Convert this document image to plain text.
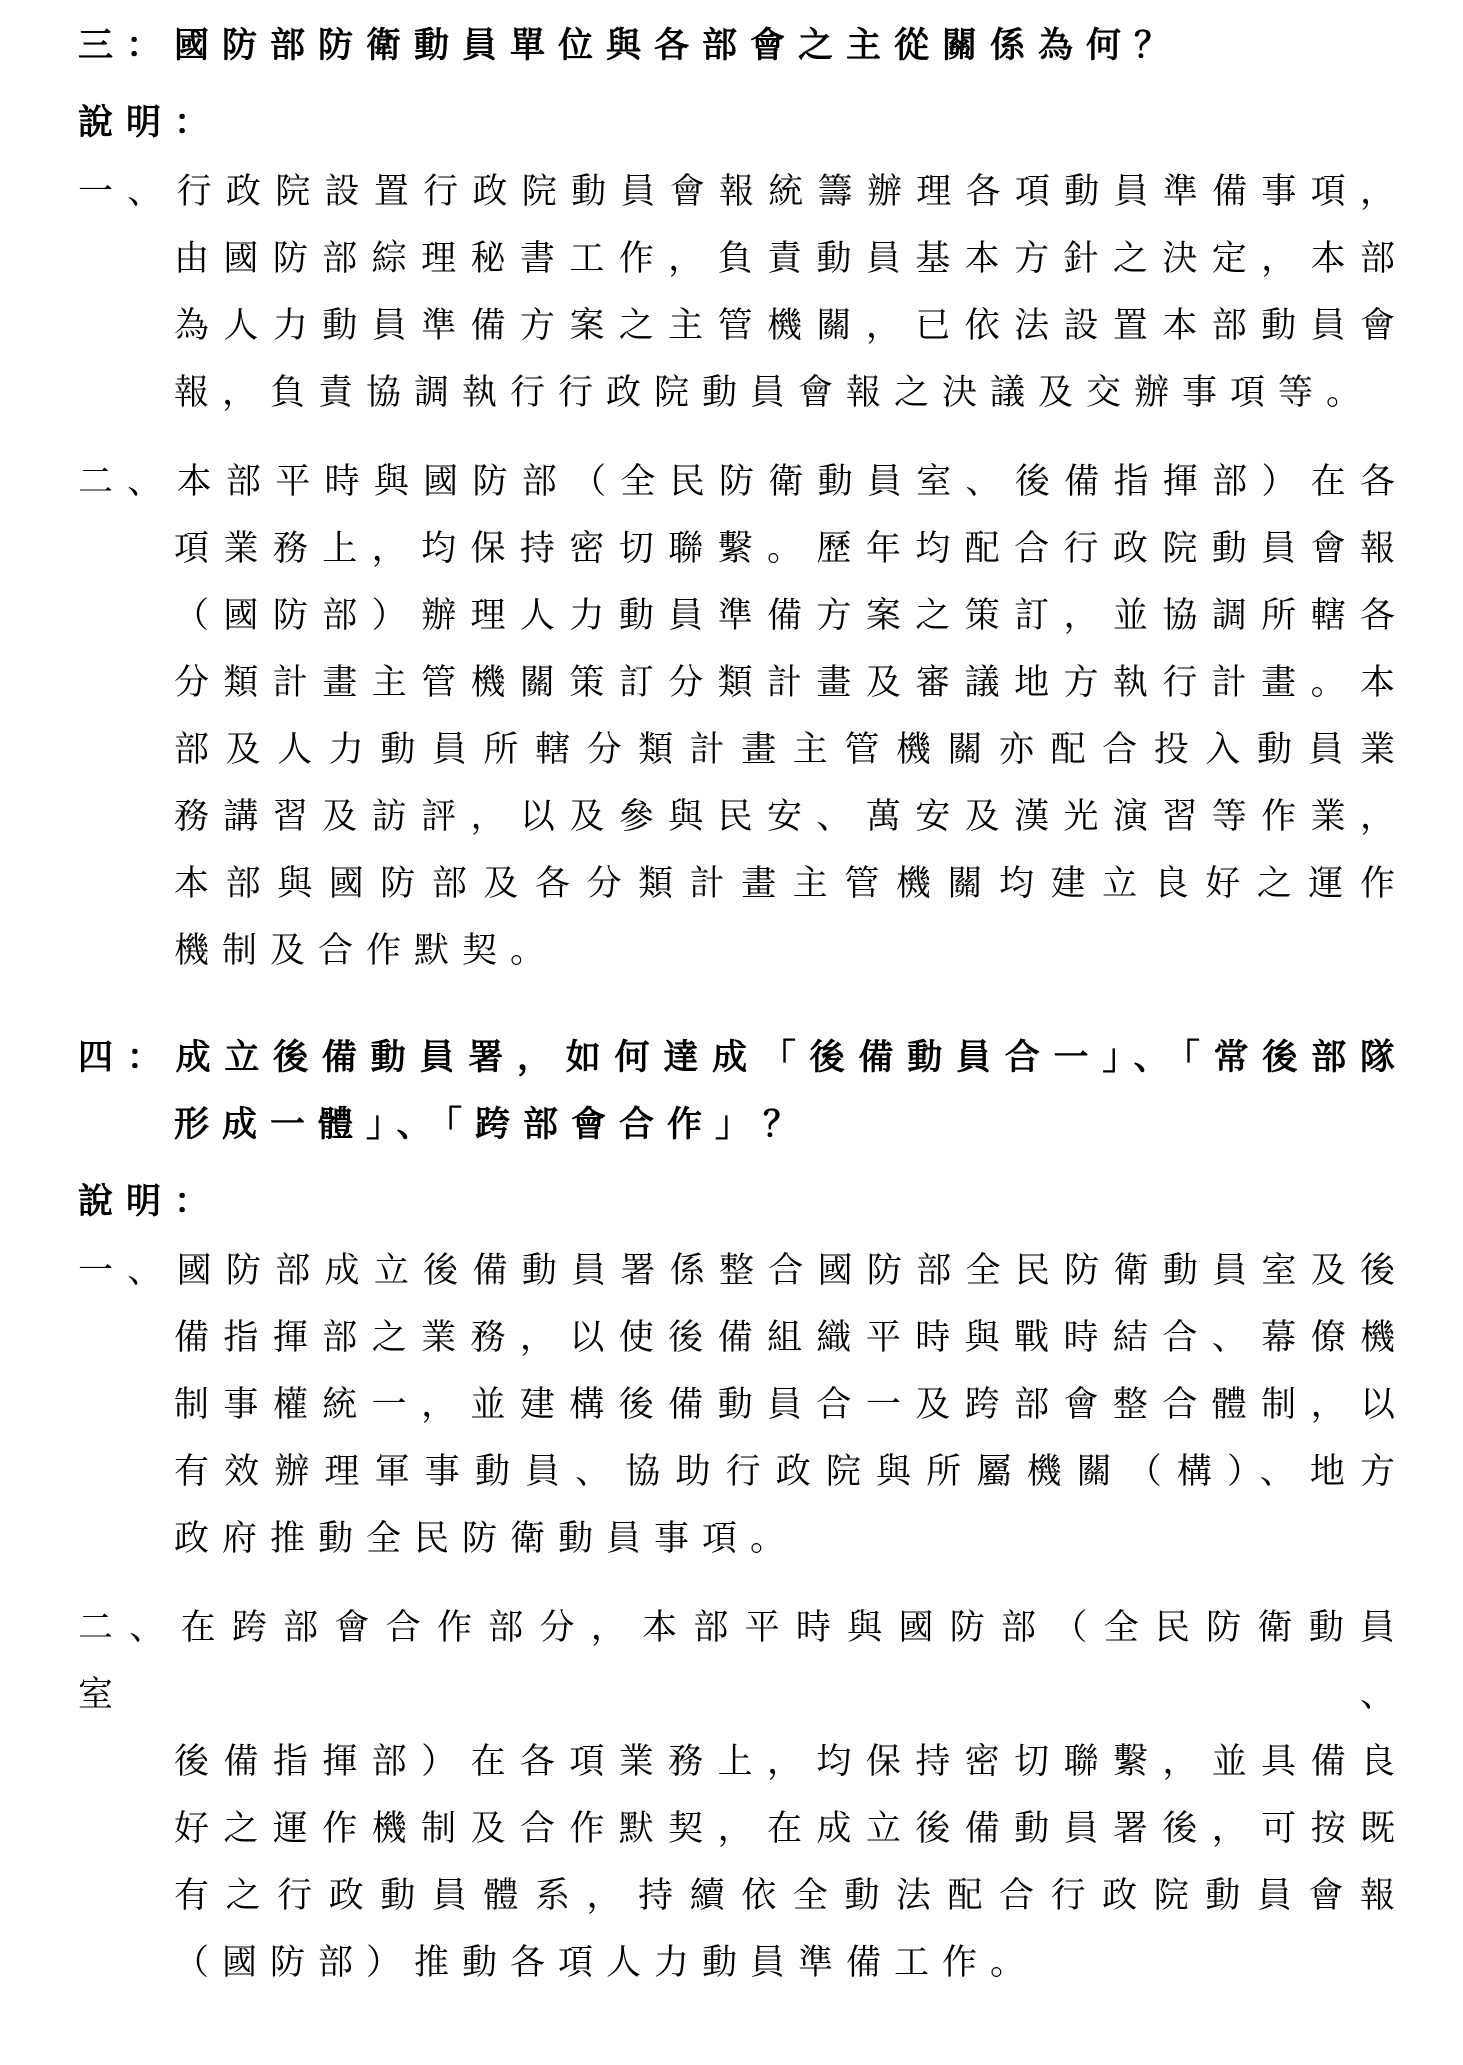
三：國防部防衛動員單位與各部會之主從關係為何？
說明：
一、行政院設置行政院動員會報統籌辦理各項動員準備事項，
由國防部綜理秘書工作，負責動員基本方針之決定，本部
為人力動員準備方案之主管機關，已依法設置本部動員會
報，負責協調執行行政院動員會報之決議及交辦事項等。
二、本部平時與國防部（全民防衛動員室、後備指揮部）在各
項業務上，均保持密切聯繫。歷年均配合行政院動員會報
（國防部）辦理人力動員準備方案之策訂，並協調所轄各
分類計畫主管機關策訂分類計畫及審議地方執行計畫。本
部及人力動員所轄分類計畫主管機關亦配合投入動員業
務講習及訪評，以及參與民安、萬安及漢光演習等作業，
本部與國防部及各分類計畫主管機關均建立良好之運作
機制及合作默契。
四：成立後備動員署，如何達成「後備動員合一」、「常後部隊
形成一體」、「跨部會合作」？
說明：
一、國防部成立後備動員署係整合國防部全民防衛動員室及後
備指揮部之業務，以使後備組織平時與戰時結合、幕僚機
制事權統一，並建構後備動員合一及跨部會整合體制，以
有效辦理軍事動員、協助行政院與所屬機關（構）、地方
政府推動全民防衛動員事項。
二、在跨部會合作部分，本部平時與國防部（全民防衛動員室、
後備指揮部）在各項業務上，均保持密切聯繫，並具備良
好之運作機制及合作默契，在成立後備動員署後，可按既
有之行政動員體系，持續依全動法配合行政院動員會報
（國防部）推動各項人力動員準備工作。
